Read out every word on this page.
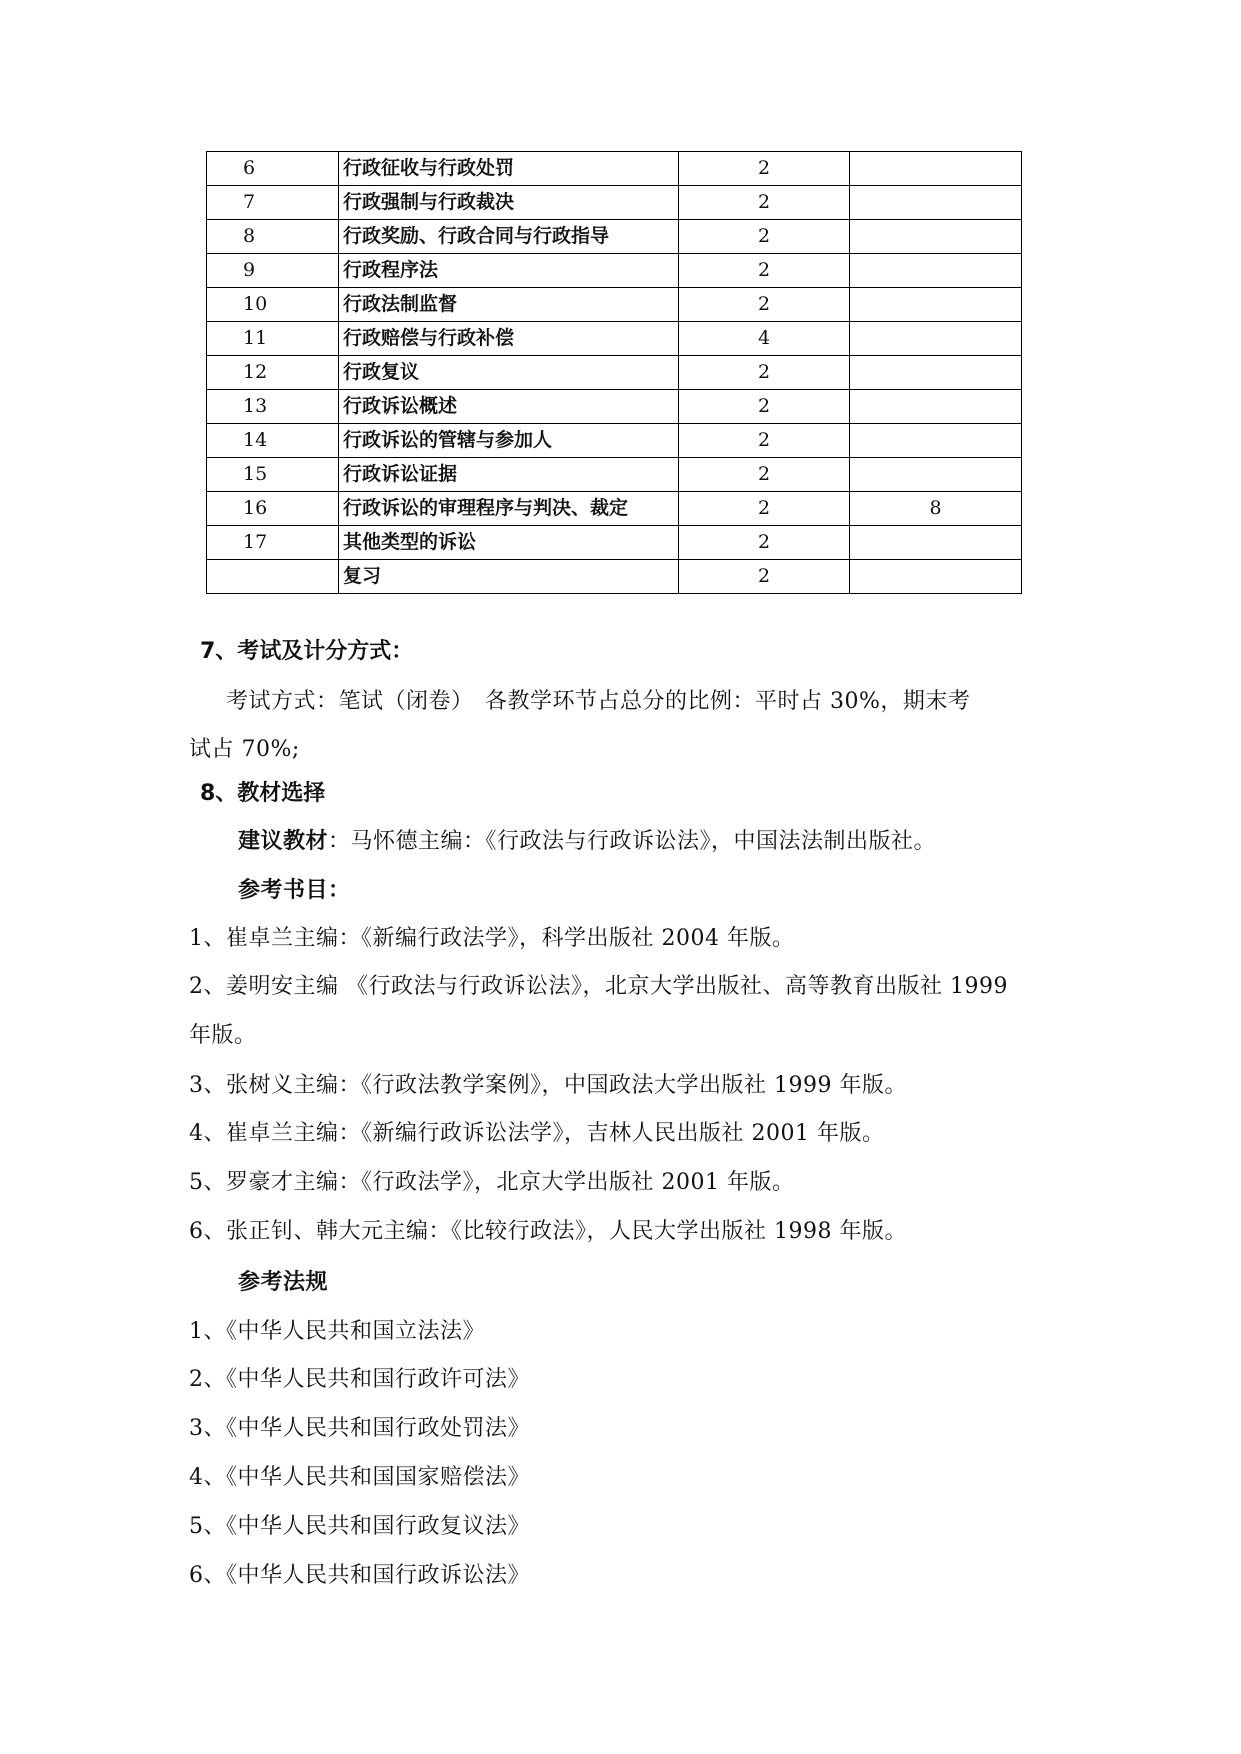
6	行政征收与行政处罚	2	
7	行政强制与行政裁决	2	
8	行政奖励、行政合同与行政指导	2	
9	行政程序法	2	
10	行政法制监督	2	
11	行政赔偿与行政补偿	4	
12	行政复议	2	
13	行政诉讼概述	2	
14	行政诉讼的管辖与参加人	2	
15	行政诉讼证据	2	
16	行政诉讼的审理程序与判决、裁定	2	8
17	其他类型的诉讼	2	
	复习	2	
7、考试及计分方式：
考试方式：笔试（闭卷）　各教学环节占总分的比例：平时占 30%，期末考
试占 70%;
8、教材选择
建议教材：马怀德主编：《行政法与行政诉讼法》，中国法法制出版社。
参考书目：
1、崔卓兰主编：《新编行政法学》，科学出版社 2004 年版。
2、姜明安主编 《行政法与行政诉讼法》，北京大学出版社、高等教育出版社 1999
年版。
3、张树义主编：《行政法教学案例》，中国政法大学出版社 1999 年版。
4、崔卓兰主编：《新编行政诉讼法学》，吉林人民出版社 2001 年版。
5、罗豪才主编：《行政法学》，北京大学出版社 2001 年版。
6、张正钊、韩大元主编：《比较行政法》，人民大学出版社 1998 年版。
参考法规
1、《中华人民共和国立法法》
2、《中华人民共和国行政许可法》
3、《中华人民共和国行政处罚法》
4、《中华人民共和国国家赔偿法》
5、《中华人民共和国行政复议法》
6、《中华人民共和国行政诉讼法》
